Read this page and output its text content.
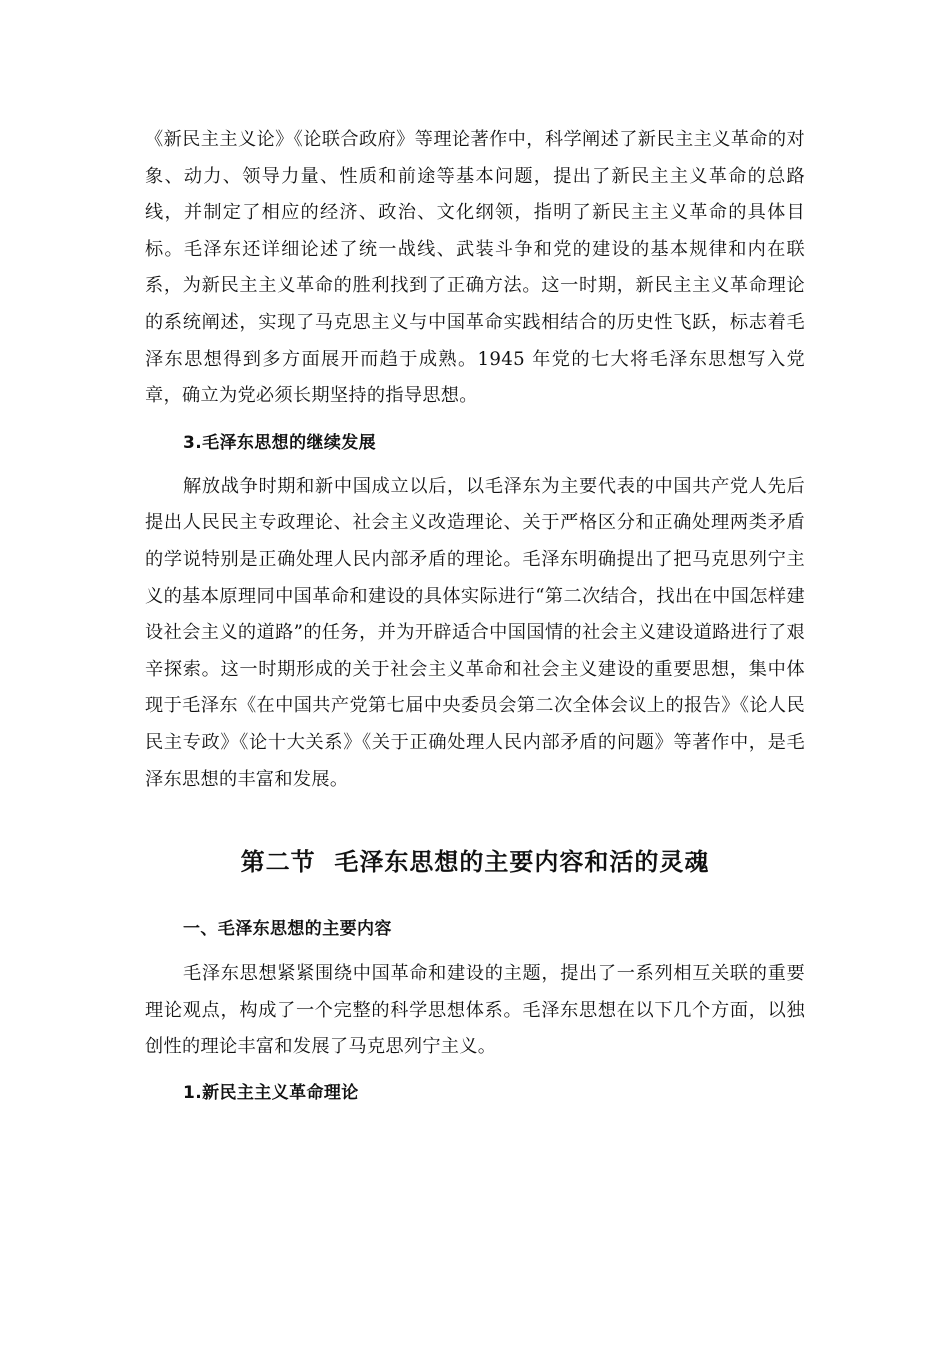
《新民主主义论》《论联合政府》等理论著作中，科学阐述了新民主主义革命的对象、动力、领导力量、性质和前途等基本问题，提出了新民主主义革命的总路线，并制定了相应的经济、政治、文化纲领，指明了新民主主义革命的具体目标。毛泽东还详细论述了统一战线、武装斗争和党的建设的基本规律和内在联系，为新民主主义革命的胜利找到了正确方法。这一时期，新民主主义革命理论的系统阐述，实现了马克思主义与中国革命实践相结合的历史性飞跃，标志着毛泽东思想得到多方面展开而趋于成熟。1945 年党的七大将毛泽东思想写入党章，确立为党必须长期坚持的指导思想。

3.毛泽东思想的继续发展

解放战争时期和新中国成立以后，以毛泽东为主要代表的中国共产党人先后提出人民民主专政理论、社会主义改造理论、关于严格区分和正确处理两类矛盾的学说特别是正确处理人民内部矛盾的理论。毛泽东明确提出了把马克思列宁主义的基本原理同中国革命和建设的具体实际进行“第二次结合，找出在中国怎样建设社会主义的道路”的任务，并为开辟适合中国国情的社会主义建设道路进行了艰辛探索。这一时期形成的关于社会主义革命和社会主义建设的重要思想，集中体现于毛泽东《在中国共产党第七届中央委员会第二次全体会议上的报告》《论人民民主专政》《论十大关系》《关于正确处理人民内部矛盾的问题》等著作中，是毛泽东思想的丰富和发展。

第二节  毛泽东思想的主要内容和活的灵魂

一、毛泽东思想的主要内容

毛泽东思想紧紧围绕中国革命和建设的主题，提出了一系列相互关联的重要理论观点，构成了一个完整的科学思想体系。毛泽东思想在以下几个方面，以独创性的理论丰富和发展了马克思列宁主义。

1.新民主主义革命理论
